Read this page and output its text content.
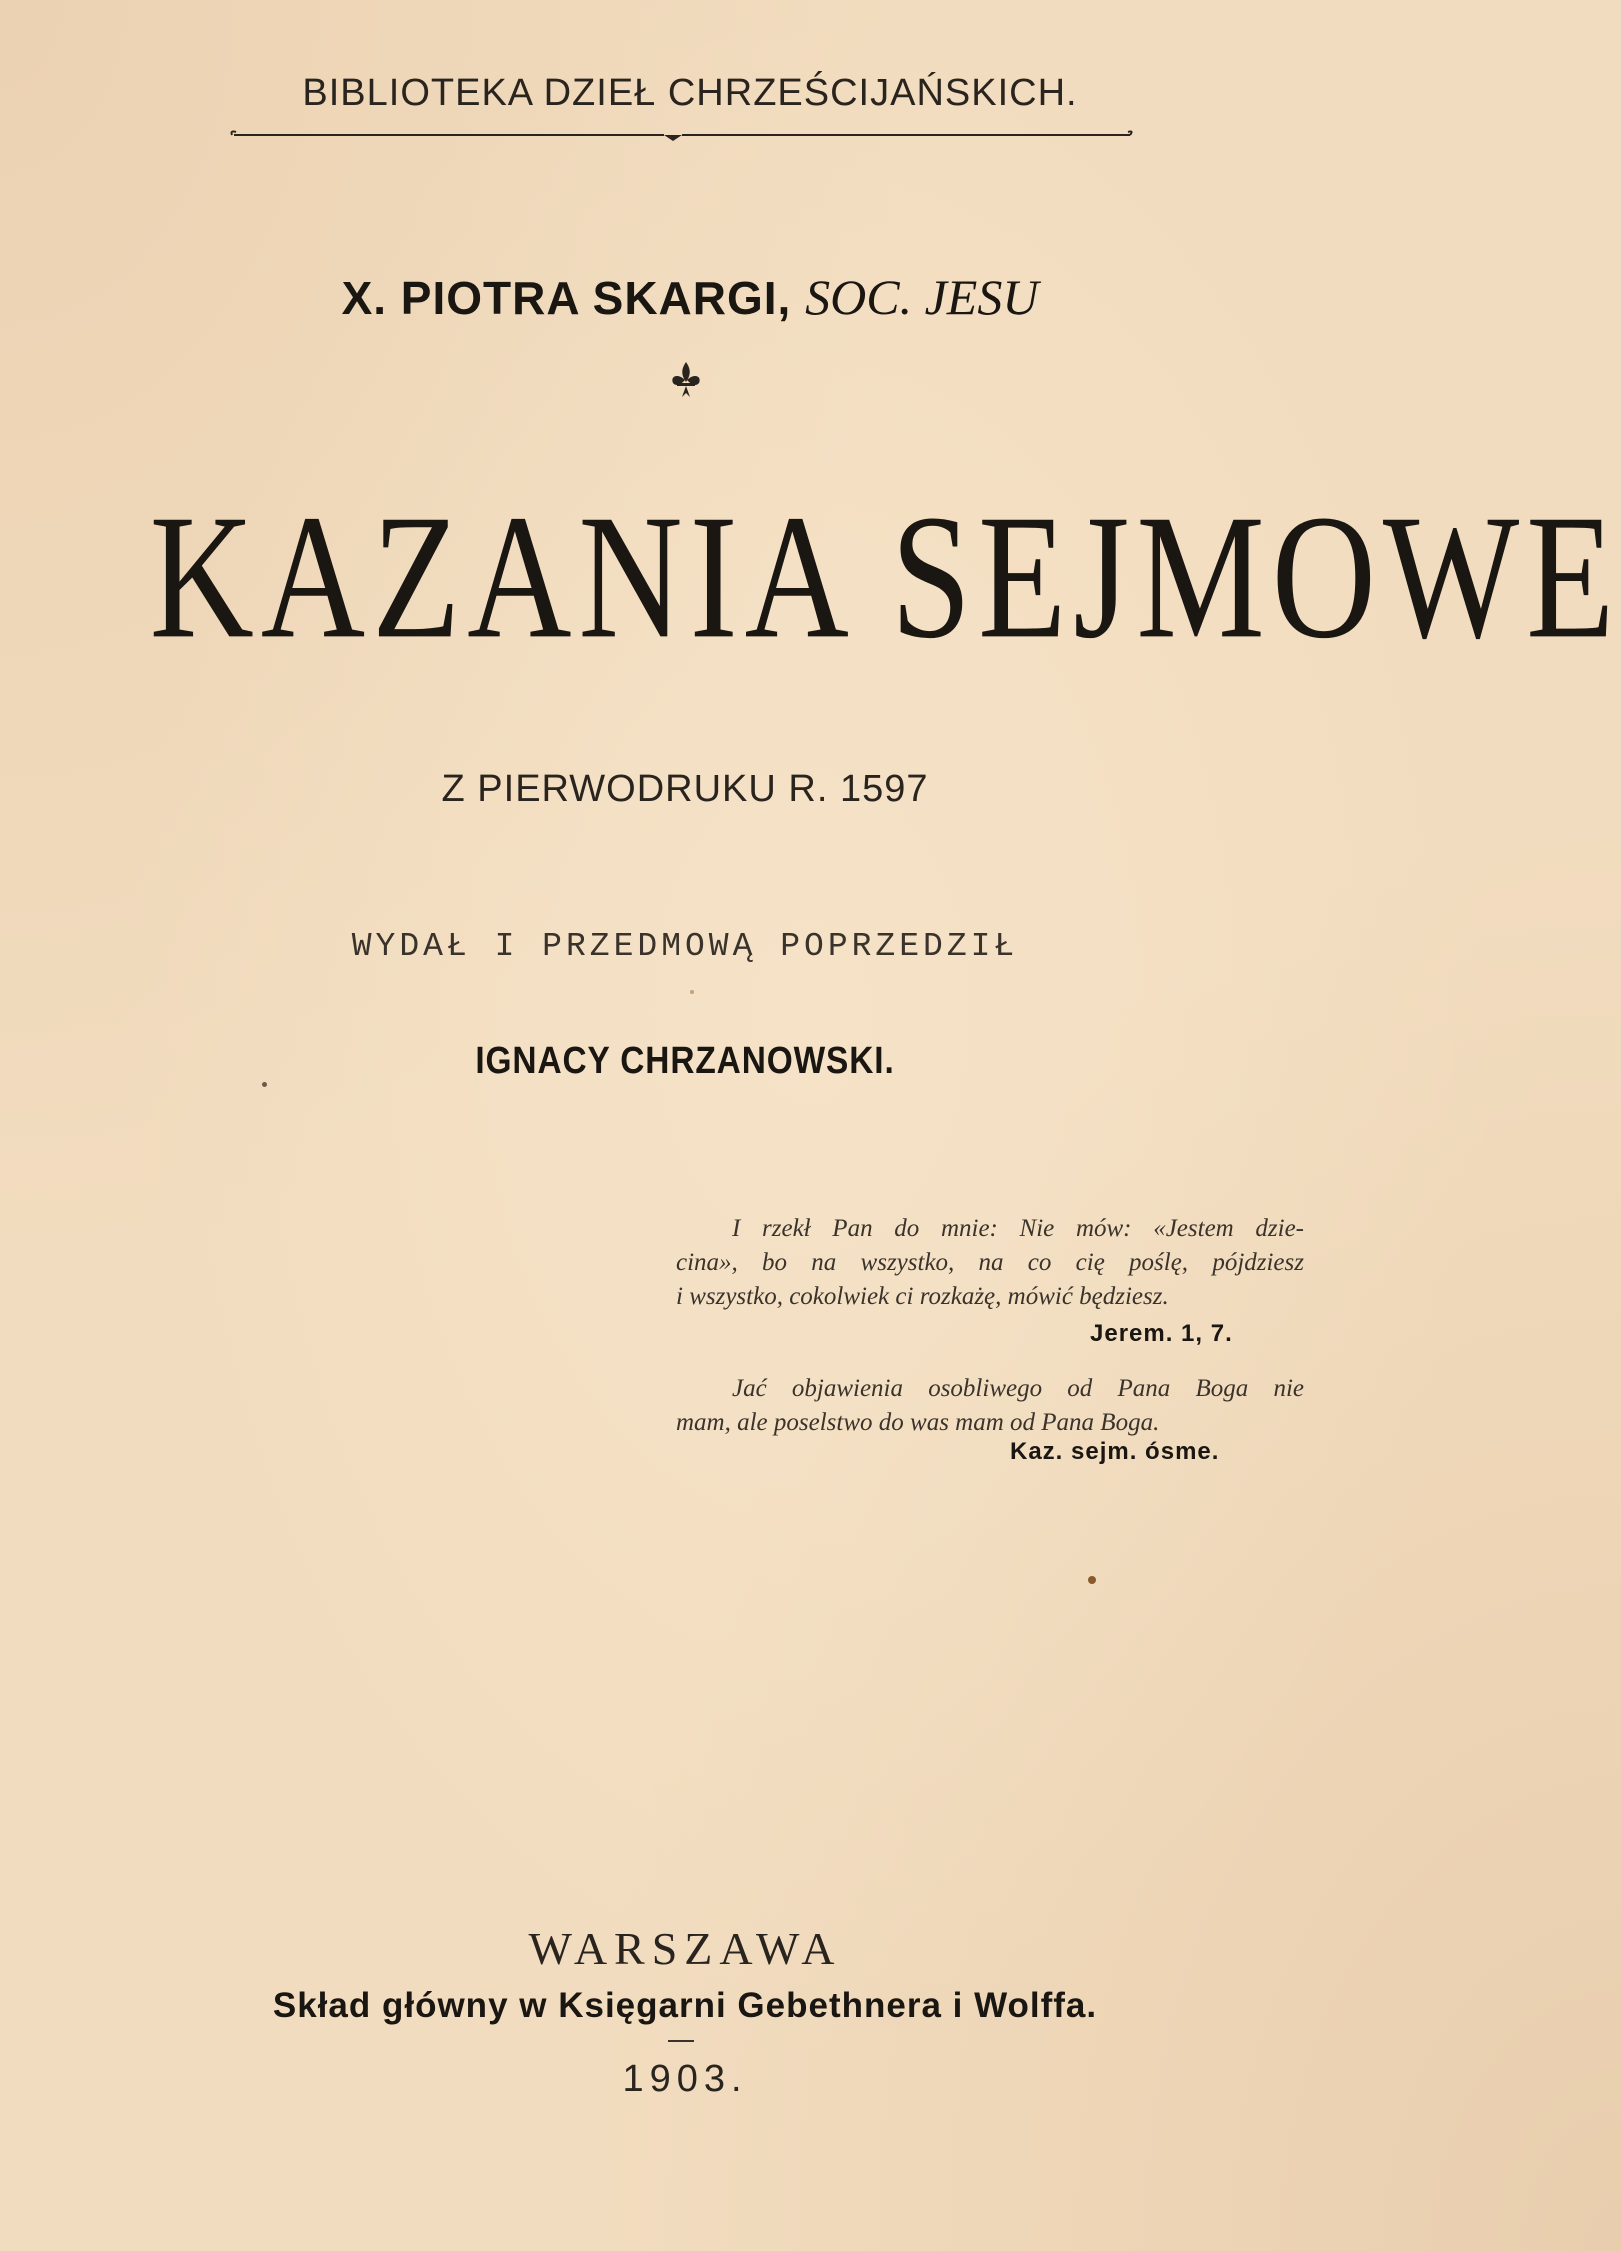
BIBLIOTEKA DZIEŁ CHRZEŚCIJAŃSKICH.
X. PIOTRA SKARGI, SOC. JESU
KAZANIA SEJMOWE
Z PIERWODRUKU R. 1597
WYDAŁ I PRZEDMOWĄ POPRZEDZIŁ
IGNACY CHRZANOWSKI.
I rzekł Pan do mnie: Nie mów: «Jestem dzie-
cina», bo na wszystko, na co cię poślę, pójdziesz
i wszystko, cokolwiek ci rozkażę, mówić będziesz.
Jerem. 1, 7.
Jać objawienia osobliwego od Pana Boga nie
mam, ale poselstwo do was mam od Pana Boga.
Kaz. sejm. ósme.
WARSZAWA
Skład główny w Księgarni Gebethnera i Wolffa.
1903.
